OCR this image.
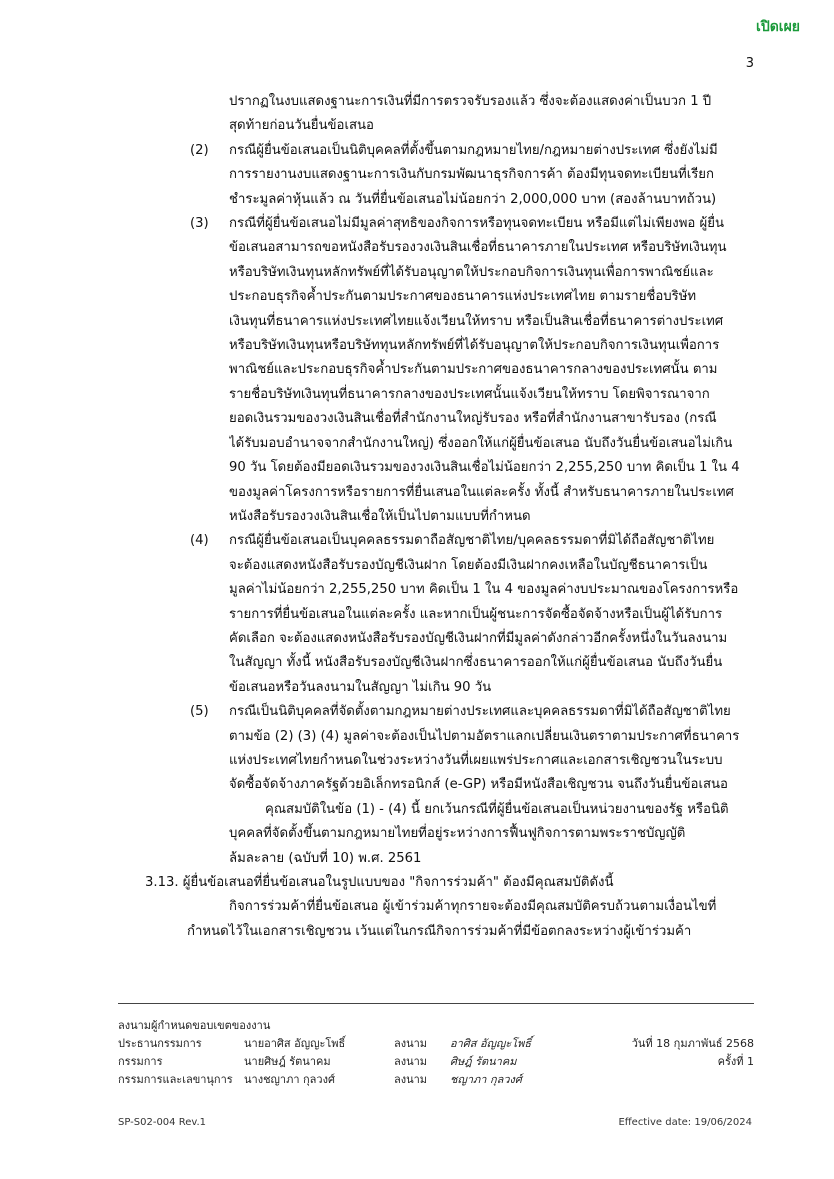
เปิดเผย
3
ปรากฏในงบแสดงฐานะการเงินที่มีการตรวจรับรองแล้ว ซึ่งจะต้องแสดงค่าเป็นบวก 1 ปี
สุดท้ายก่อนวันยื่นข้อเสนอ
(2) กรณีผู้ยื่นข้อเสนอเป็นนิติบุคคลที่ตั้งขึ้นตามกฎหมายไทย/กฎหมายต่างประเทศ ซึ่งยังไม่มี
การรายงานงบแสดงฐานะการเงินกับกรมพัฒนาธุรกิจการค้า ต้องมีทุนจดทะเบียนที่เรียก
ชำระมูลค่าหุ้นแล้ว ณ วันที่ยื่นข้อเสนอไม่น้อยกว่า 2,000,000 บาท (สองล้านบาทถ้วน)
(3) กรณีที่ผู้ยื่นข้อเสนอไม่มีมูลค่าสุทธิของกิจการหรือทุนจดทะเบียน หรือมีแต่ไม่เพียงพอ ผู้ยื่น
ข้อเสนอสามารถขอหนังสือรับรองวงเงินสินเชื่อที่ธนาคารภายในประเทศ หรือบริษัทเงินทุน
หรือบริษัทเงินทุนหลักทรัพย์ที่ได้รับอนุญาตให้ประกอบกิจการเงินทุนเพื่อการพาณิชย์และ
ประกอบธุรกิจค้ำประกันตามประกาศของธนาคารแห่งประเทศไทย ตามรายชื่อบริษัท
เงินทุนที่ธนาคารแห่งประเทศไทยแจ้งเวียนให้ทราบ หรือเป็นสินเชื่อที่ธนาคารต่างประเทศ
หรือบริษัทเงินทุนหรือบริษัททุนหลักทรัพย์ที่ได้รับอนุญาตให้ประกอบกิจการเงินทุนเพื่อการ
พาณิชย์และประกอบธุรกิจค้ำประกันตามประกาศของธนาคารกลางของประเทศนั้น ตาม
รายชื่อบริษัทเงินทุนที่ธนาคารกลางของประเทศนั้นแจ้งเวียนให้ทราบ โดยพิจารณาจาก
ยอดเงินรวมของวงเงินสินเชื่อที่สำนักงานใหญ่รับรอง หรือที่สำนักงานสาขารับรอง (กรณี
ได้รับมอบอำนาจจากสำนักงานใหญ่) ซึ่งออกให้แก่ผู้ยื่นข้อเสนอ นับถึงวันยื่นข้อเสนอไม่เกิน
90 วัน โดยต้องมียอดเงินรวมของวงเงินสินเชื่อไม่น้อยกว่า 2,255,250 บาท คิดเป็น 1 ใน 4
ของมูลค่าโครงการหรือรายการที่ยื่นเสนอในแต่ละครั้ง ทั้งนี้ สำหรับธนาคารภายในประเทศ
หนังสือรับรองวงเงินสินเชื่อให้เป็นไปตามแบบที่กำหนด
(4) กรณีผู้ยื่นข้อเสนอเป็นบุคคลธรรมดาถือสัญชาติไทย/บุคคลธรรมดาที่มิได้ถือสัญชาติไทย
จะต้องแสดงหนังสือรับรองบัญชีเงินฝาก โดยต้องมีเงินฝากคงเหลือในบัญชีธนาคารเป็น
มูลค่าไม่น้อยกว่า 2,255,250 บาท คิดเป็น 1 ใน 4 ของมูลค่างบประมาณของโครงการหรือ
รายการที่ยื่นข้อเสนอในแต่ละครั้ง และหากเป็นผู้ชนะการจัดซื้อจัดจ้างหรือเป็นผู้ได้รับการ
คัดเลือก จะต้องแสดงหนังสือรับรองบัญชีเงินฝากที่มีมูลค่าดังกล่าวอีกครั้งหนึ่งในวันลงนาม
ในสัญญา ทั้งนี้ หนังสือรับรองบัญชีเงินฝากซึ่งธนาคารออกให้แก่ผู้ยื่นข้อเสนอ นับถึงวันยื่น
ข้อเสนอหรือวันลงนามในสัญญา ไม่เกิน 90 วัน
(5) กรณีเป็นนิติบุคคลที่จัดตั้งตามกฎหมายต่างประเทศและบุคคลธรรมดาที่มิได้ถือสัญชาติไทย
ตามข้อ (2) (3) (4) มูลค่าจะต้องเป็นไปตามอัตราแลกเปลี่ยนเงินตราตามประกาศที่ธนาคาร
แห่งประเทศไทยกำหนดในช่วงระหว่างวันที่เผยแพร่ประกาศและเอกสารเชิญชวนในระบบ
จัดซื้อจัดจ้างภาครัฐด้วยอิเล็กทรอนิกส์ (e-GP) หรือมีหนังสือเชิญชวน จนถึงวันยื่นข้อเสนอ
คุณสมบัติในข้อ (1) - (4) นี้ ยกเว้นกรณีที่ผู้ยื่นข้อเสนอเป็นหน่วยงานของรัฐ หรือนิติ
บุคคลที่จัดตั้งขึ้นตามกฎหมายไทยที่อยู่ระหว่างการฟื้นฟูกิจการตามพระราชบัญญัติ
ล้มละลาย (ฉบับที่ 10) พ.ศ. 2561
3.13. ผู้ยื่นข้อเสนอที่ยื่นข้อเสนอในรูปแบบของ "กิจการร่วมค้า" ต้องมีคุณสมบัติดังนี้
กิจการร่วมค้าที่ยื่นข้อเสนอ ผู้เข้าร่วมค้าทุกรายจะต้องมีคุณสมบัติครบถ้วนตามเงื่อนไขที่
กำหนดไว้ในเอกสารเชิญชวน เว้นแต่ในกรณีกิจการร่วมค้าที่มีข้อตกลงระหว่างผู้เข้าร่วมค้า
ลงนามผู้กำหนดขอบเขตของงาน
ประธานกรรมการ	นายอาศิส อัญญะโพธิ์	ลงนาม อาศิส อัญญะโพธิ์	วันที่ 18 กุมภาพันธ์ 2568
กรรมการ	นายศิษฎ์ รัตนาคม	ลงนาม ศิษฎ์ รัตนาคม	ครั้งที่ 1
กรรมการและเลขานุการ นางชญาภา กุลวงศ์	ลงนาม ชญาภา กุลวงศ์
SP-S02-004 Rev.1	Effective date: 19/06/2024
